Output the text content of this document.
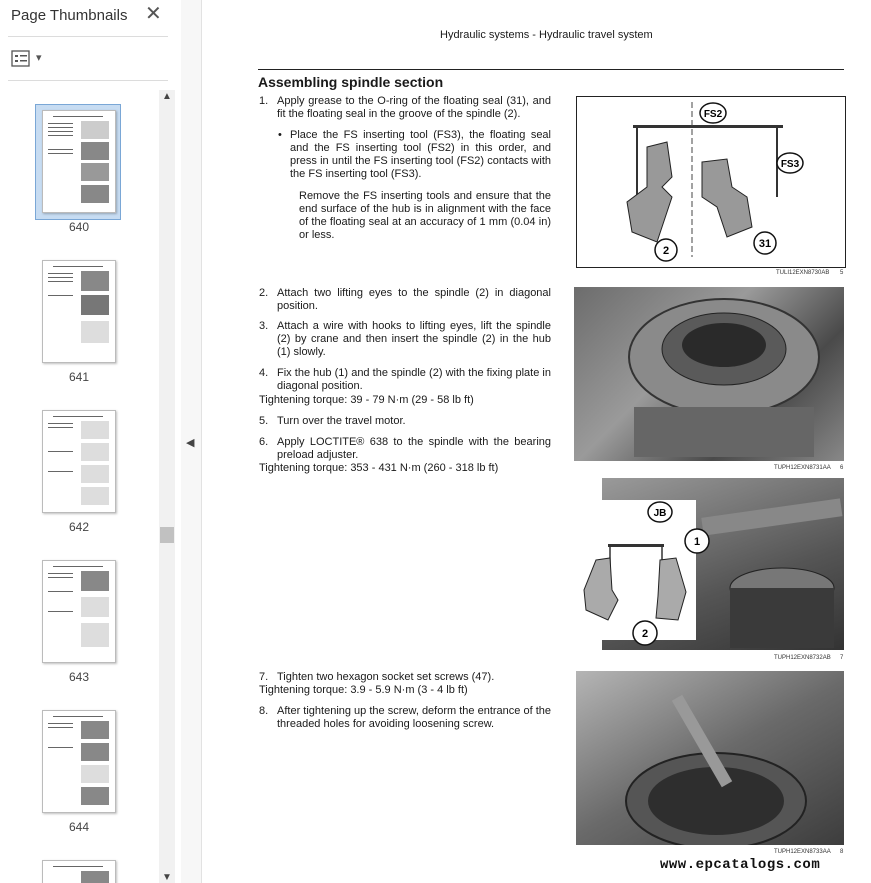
Page Thumbnails ✕
▾
640
641
642
643
644
▲
▼
◀
Hydraulic systems - Hydraulic travel system
Assembling spindle section
1. Apply grease to the O-ring of the floating seal (31), and fit the floating seal in the groove of the spindle (2).
• Place the FS inserting tool (FS3), the floating seal and the FS inserting tool (FS2) in this order, and press in until the FS inserting tool (FS2) contacts with the FS inserting tool (FS3).
Remove the FS inserting tools and ensure that the end surface of the hub is in alignment with the face of the floating seal at an accuracy of 1 mm (0.04 in) or less.
2. Attach two lifting eyes to the spindle (2) in diagonal position.
3. Attach a wire with hooks to lifting eyes, lift the spindle (2) by crane and then insert the spindle (2) in the hub (1) slowly.
4. Fix the hub (1) and the spindle (2) with the fixing plate in diagonal position.
Tightening torque: 39 - 79 N·m (29 - 58 lb ft)
5. Turn over the travel motor.
6. Apply LOCTITE® 638 to the spindle with the bearing preload adjuster.
Tightening torque: 353 - 431 N·m (260 - 318 lb ft)
7. Tighten two hexagon socket set screws (47).
Tightening torque: 3.9 - 5.9 N·m (3 - 4 lb ft)
8. After tightening up the screw, deform the entrance of the threaded holes for avoiding loosening screw.
FS2
FS3
2
31
TULI12EXN8730AB 5
TUPH12EXN8731AA 6
JB
1
2
TUPH12EXN8732AB 7
TUPH12EXN8733AA 8
www.epcatalogs.com
